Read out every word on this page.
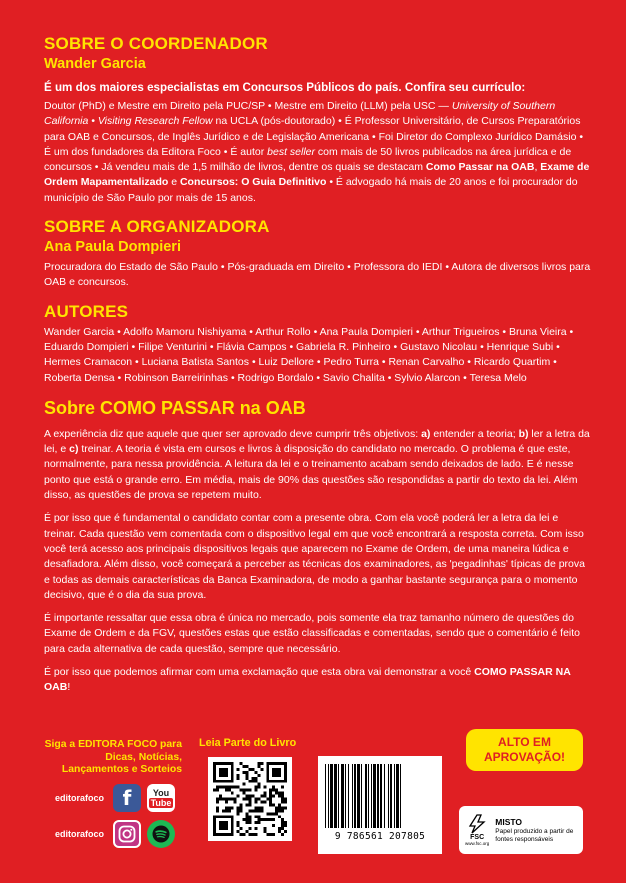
SOBRE O COORDENADOR
Wander Garcia
É um dos maiores especialistas em Concursos Públicos do país. Confira seu currículo:

Doutor (PhD) e Mestre em Direito pela PUC/SP • Mestre em Direito (LLM) pela USC — University of Southern California • Visiting Research Fellow na UCLA (pós-doutorado) • É Professor Universitário, de Cursos Preparatórios para OAB e Concursos, de Inglês Jurídico e de Legislação Americana • Foi Diretor do Complexo Jurídico Damásio • É um dos fundadores da Editora Foco • É autor best seller com mais de 50 livros publicados na área jurídica e de concursos • Já vendeu mais de 1,5 milhão de livros, dentre os quais se destacam Como Passar na OAB, Exame de Ordem Mapamentalizado e Concursos: O Guia Definitivo • É advogado há mais de 20 anos e foi procurador do município de São Paulo por mais de 15 anos.

SOBRE A ORGANIZADORA
Ana Paula Dompieri

Procuradora do Estado de São Paulo • Pós-graduada em Direito • Professora do IEDI • Autora de diversos livros para OAB e concursos.

AUTORES

Wander Garcia • Adolfo Mamoru Nishiyama • Arthur Rollo • Ana Paula Dompieri • Arthur Trigueiros • Bruna Vieira • Eduardo Dompieri • Filipe Venturini • Flávia Campos • Gabriela R. Pinheiro • Gustavo Nicolau • Henrique Subi • Hermes Cramacon • Luciana Batista Santos • Luiz Dellore • Pedro Turra • Renan Carvalho • Ricardo Quartim • Roberta Densa • Robinson Barreirinhas • Rodrigo Bordalo • Savio Chalita • Sylvio Alarcon • Teresa Melo

Sobre COMO PASSAR na OAB

A experiência diz que aquele que quer ser aprovado deve cumprir três objetivos: a) entender a teoria; b) ler a letra da lei, e c) treinar. A teoria é vista em cursos e livros à disposição do candidato no mercado. O problema é que este, normalmente, para nessa providência. A leitura da lei e o treinamento acabam sendo deixados de lado. E é nesse ponto que está o grande erro. Em média, mais de 90% das questões são respondidas a partir do texto da lei. Além disso, as questões de prova se repetem muito.

É por isso que é fundamental o candidato contar com a presente obra. Com ela você poderá ler a letra da lei e treinar. Cada questão vem comentada com o dispositivo legal em que você encontrará a resposta correta. Com isso você terá acesso aos principais dispositivos legais que aparecem no Exame de Ordem, de uma maneira lúdica e desafiadora. Além disso, você começará a perceber as técnicas dos examinadores, as 'pegadinhas' típicas de prova e todas as demais características da Banca Examinadora, de modo a ganhar bastante segurança para o momento decisivo, que é o dia da sua prova.

É importante ressaltar que essa obra é única no mercado, pois somente ela traz tamanho número de questões do Exame de Ordem e da FGV, questões estas que estão classificadas e comentadas, sendo que o comentário é feito para cada alternativa de cada questão, sempre que necessário.

É por isso que podemos afirmar com uma exclamação que esta obra vai demonstrar a você COMO PASSAR NA OAB!

Siga a EDITORA FOCO para Dicas, Notícias, Lançamentos e Sorteios
editorafoco f	You
Tube
editorafoco
Leia Parte do Livro
9 786561 207805
ALTO EM
APROVAÇÃO!
FSC
www.fsc.org
MISTO
Papel produzido a partir de fontes responsáveis
